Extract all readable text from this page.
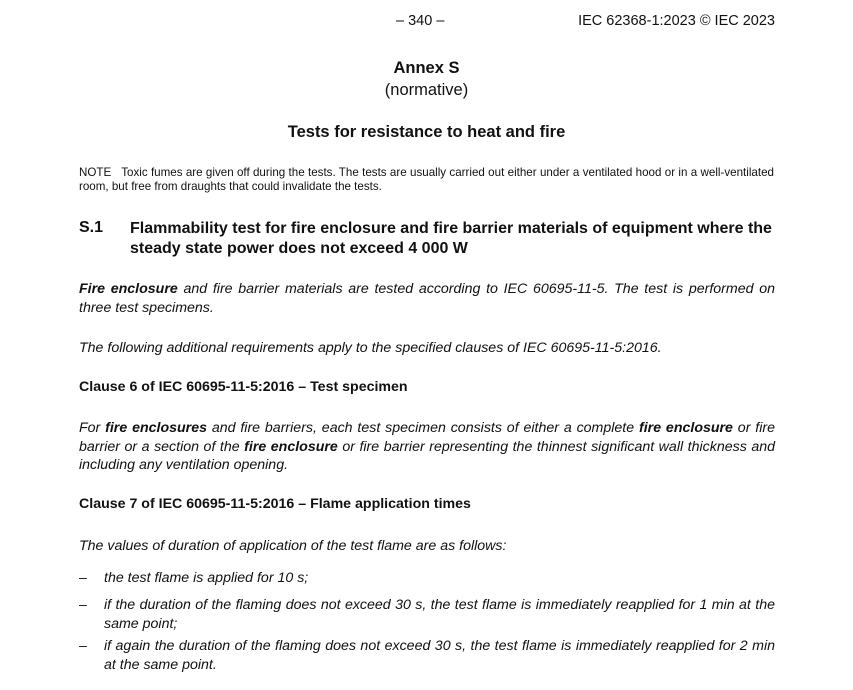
– 340 –	IEC 62368-1:2023 © IEC 2023
Annex S
(normative)
Tests for resistance to heat and fire
NOTE Toxic fumes are given off during the tests. The tests are usually carried out either under a ventilated hood or in a well-ventilated room, but free from draughts that could invalidate the tests.
S.1 Flammability test for fire enclosure and fire barrier materials of equipment where the steady state power does not exceed 4 000 W
Fire enclosure and fire barrier materials are tested according to IEC 60695-11-5. The test is performed on three test specimens.
The following additional requirements apply to the specified clauses of IEC 60695-11-5:2016.
Clause 6 of IEC 60695-11-5:2016 – Test specimen
For fire enclosures and fire barriers, each test specimen consists of either a complete fire enclosure or fire barrier or a section of the fire enclosure or fire barrier representing the thinnest significant wall thickness and including any ventilation opening.
Clause 7 of IEC 60695-11-5:2016 – Flame application times
The values of duration of application of the test flame are as follows:
– the test flame is applied for 10 s;
– if the duration of the flaming does not exceed 30 s, the test flame is immediately reapplied for 1 min at the same point;
– if again the duration of the flaming does not exceed 30 s, the test flame is immediately reapplied for 2 min at the same point.
